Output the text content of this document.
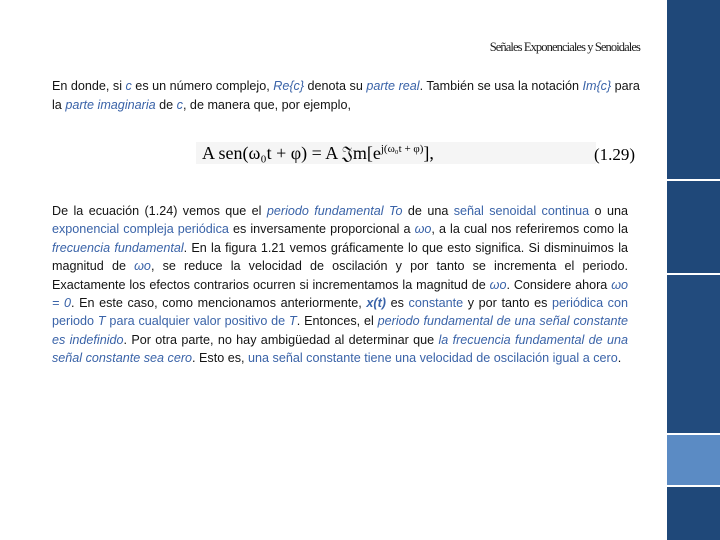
Señales Exponenciales y Senoidales
En donde, si c es un número complejo, Re{c} denota su parte real. También se usa la notación Im{c} para la parte imaginaria de c, de manera que, por ejemplo,
A sen(ω₀t + φ) = A $𝔍m[e^{j(\omega_0t + \varphi)}]$,	(1.29)
De la ecuación (1.24) vemos que el periodo fundamental To de una señal senoidal continua o una exponencial compleja periódica es inversamente proporcional a ωo, a la cual nos referiremos como la frecuencia fundamental. En la figura 1.21 vemos gráficamente lo que esto significa. Si disminuimos la magnitud de ωo, se reduce la velocidad de oscilación y por tanto se incrementa el periodo. Exactamente los efectos contrarios ocurren si incrementamos la magnitud de ωo. Considere ahora ωo = 0. En este caso, como mencionamos anteriormente, x(t) es constante y por tanto es periódica con periodo T para cualquier valor positivo de T. Entonces, el periodo fundamental de una señal constante es indefinido. Por otra parte, no hay ambigüedad al determinar que la frecuencia fundamental de una señal constante sea cero. Esto es, una señal constante tiene una velocidad de oscilación igual a cero.
